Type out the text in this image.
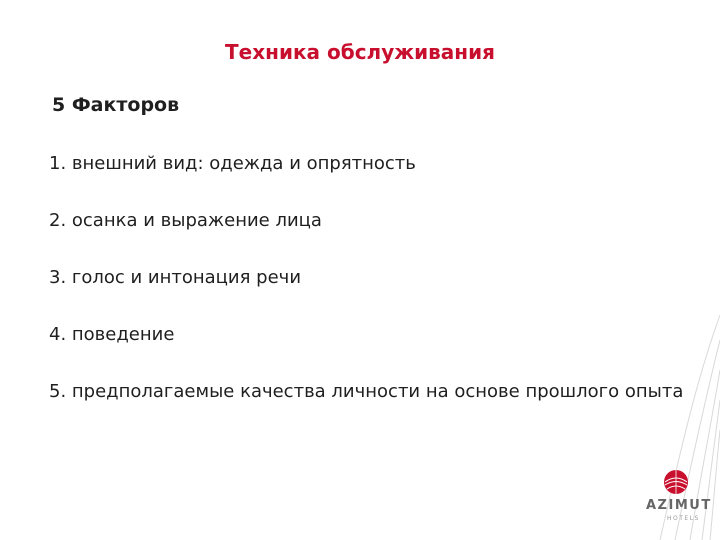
Техника обслуживания
5 Факторов
1. внешний вид: одежда и опрятность
2. осанка и выражение лица
3. голос и интонация речи
4. поведение
5. предполагаемые качества личности на основе прошлого опыта
AZIMUT
HOTELS
